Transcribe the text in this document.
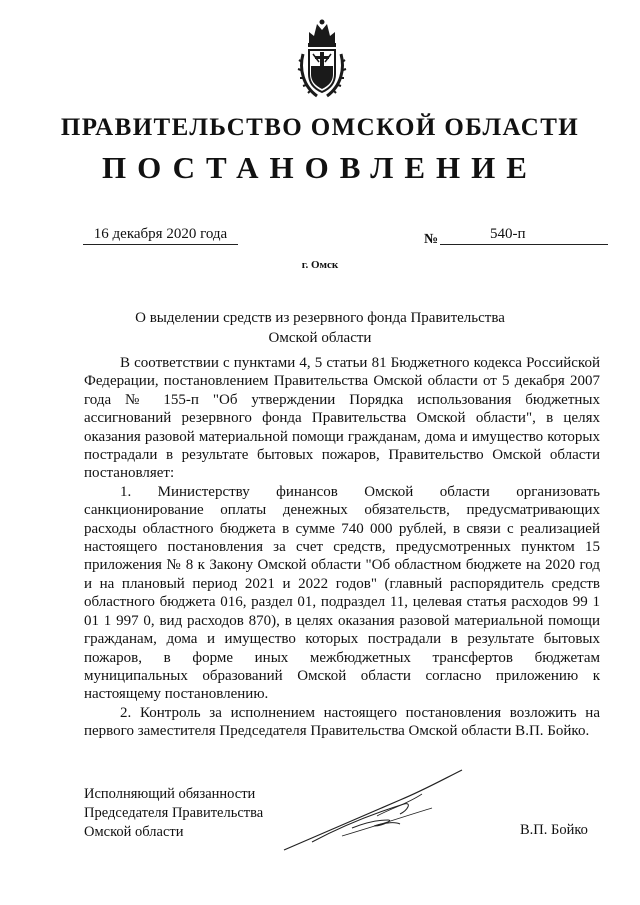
ПРАВИТЕЛЬСТВО ОМСКОЙ ОБЛАСТИ
ПОСТАНОВЛЕНИЕ
16 декабря 2020 года	№	540-п
г. Омск
О выделении средств из резервного фонда Правительства
Омской области

В соответствии с пунктами 4, 5 статьи 81 Бюджетного кодекса Российской Федерации, постановлением Правительства Омской области от 5 декабря 2007 года № 155-п "Об утверждении Порядка использования бюджетных ассигнований резервного фонда Правительства Омской области", в целях оказания разовой материальной помощи гражданам, дома и имущество которых пострадали в результате бытовых пожаров, Правительство Омской области постановляет:

1. Министерству финансов Омской области организовать санкционирование оплаты денежных обязательств, предусматривающих расходы областного бюджета в сумме 740 000 рублей, в связи с реализацией настоящего постановления за счет средств, предусмотренных пунктом 15 приложения № 8 к Закону Омской области "Об областном бюджете на 2020 год и на плановый период 2021 и 2022 годов" (главный распорядитель средств областного бюджета 016, раздел 01, подраздел 11, целевая статья расходов 99 1 01 1 997 0, вид расходов 870), в целях оказания разовой материальной помощи гражданам, дома и имущество которых пострадали в результате бытовых пожаров, в форме иных межбюджетных трансфертов бюджетам муниципальных образований Омской области согласно приложению к настоящему постановлению.

2. Контроль за исполнением настоящего постановления возложить на первого заместителя Председателя Правительства Омской области В.П. Бойко.

Исполняющий обязанности
Председателя Правительства
Омской области	В.П. Бойко
